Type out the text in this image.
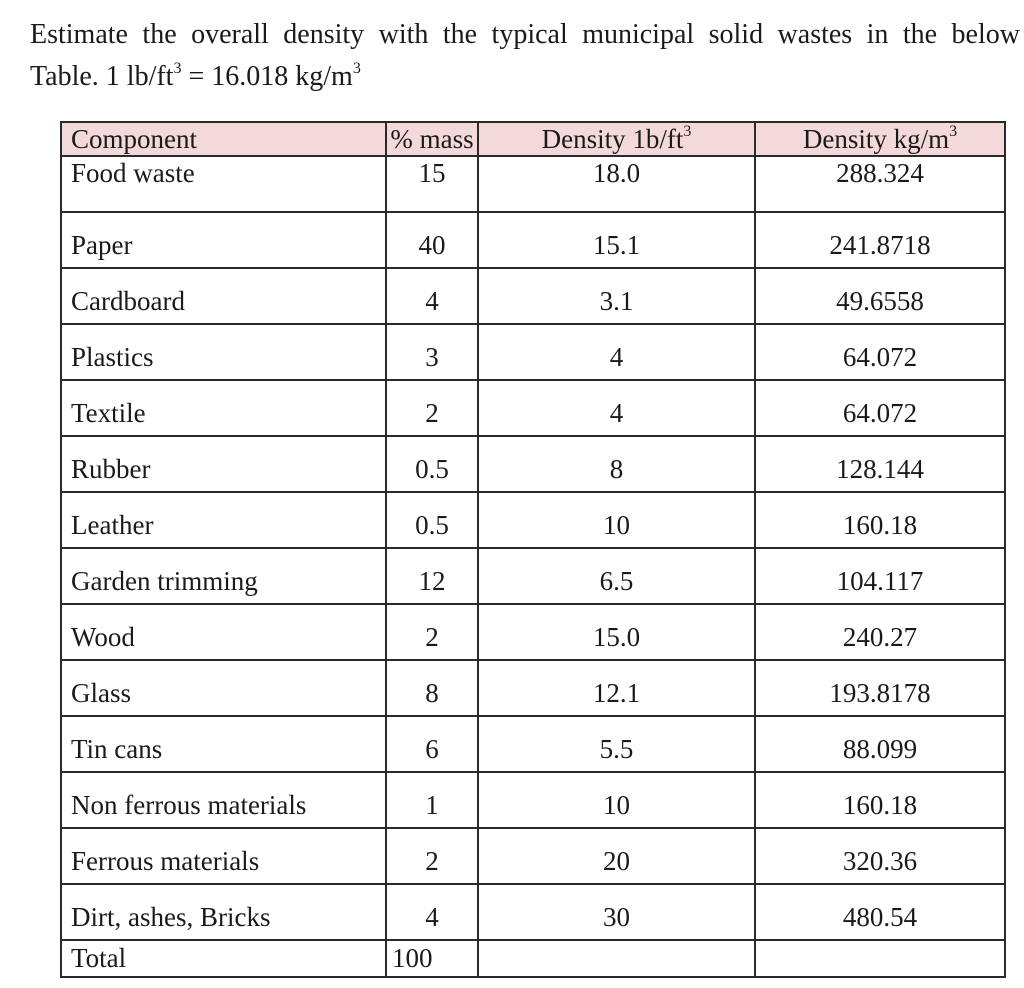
Estimate the overall density with the typical municipal solid wastes in the below
Table. 1 $lb/ft^3 = 16.018$ $kg/m^3$
Component	% mass	Density $1b/ft^3$	Density $kg/m^3$

Food waste	15	18.0	288.324

Paper	40	15.1	241.8718

Cardboard	4	3.1	49.6558

Plastics	3	4	64.072

Textile	2	4	64.072

Rubber	0.5	8	128.144

Leather	0.5	10	160.18

Garden trimming	12	6.5	104.117

Wood	2	15.0	240.27

Glass	8	12.1	193.8178

Tin cans	6	5.5	88.099

Non ferrous materials	1	10	160.18

Ferrous materials	2	20	320.36

Dirt, ashes, Bricks	4	30	480.54

Total	100		
